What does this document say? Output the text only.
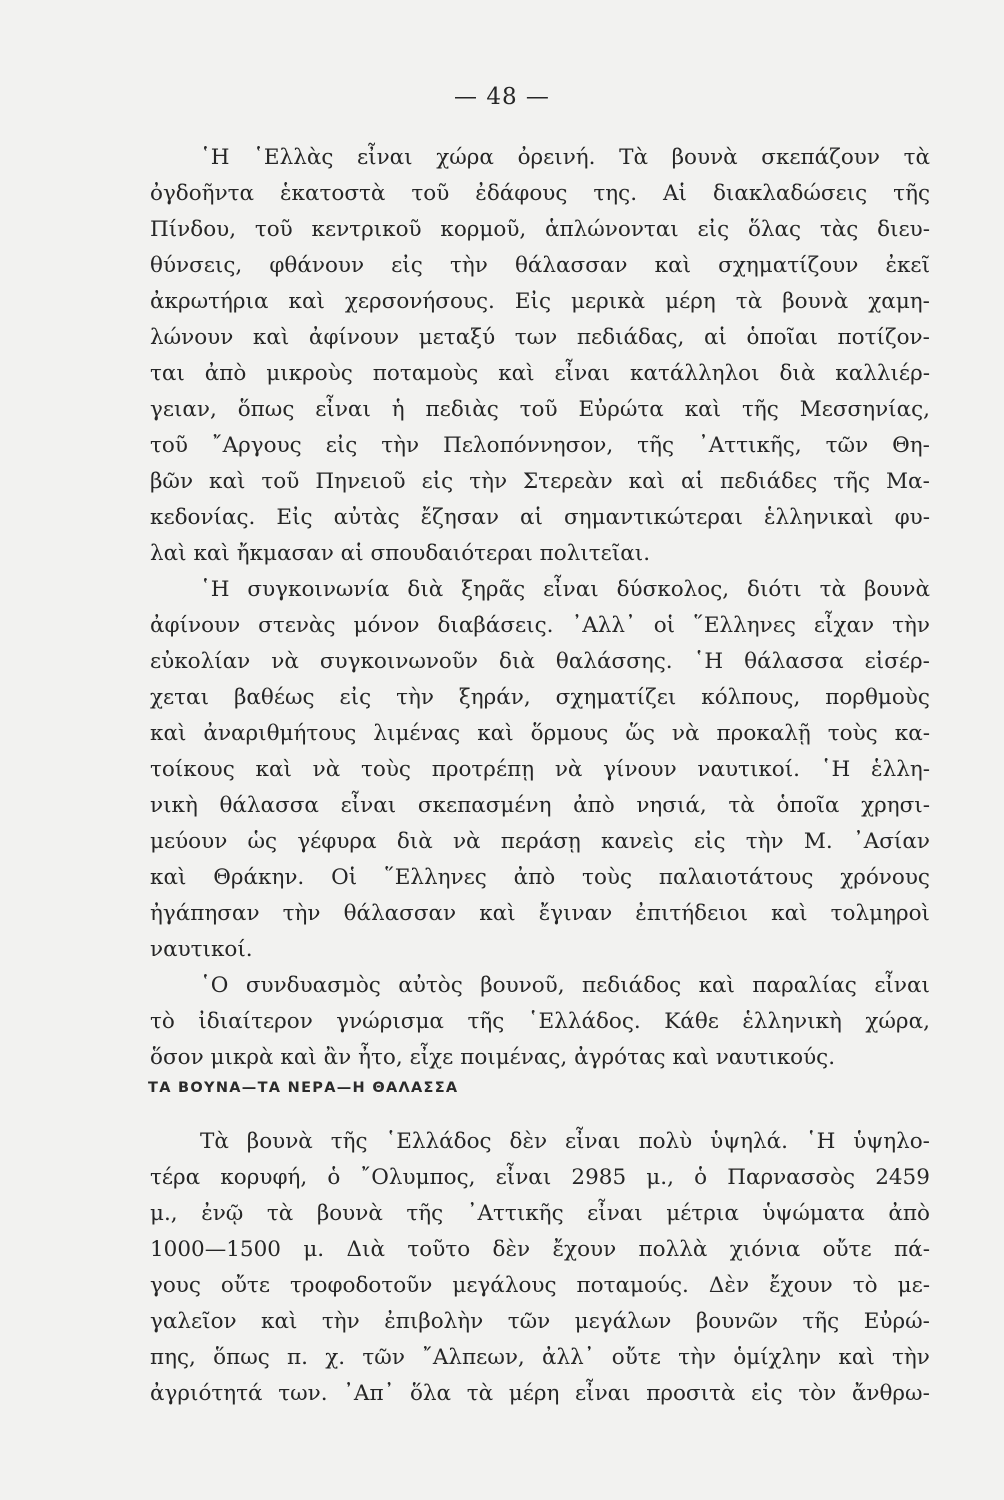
— 48 —
῾Η ῾Ελλὰς εἶναι χώρα ὀρεινή. Τὰ βουνὰ σκεπάζουν τὰ
ὀγδοῆντα ἑκατοστὰ τοῦ ἐδάφους της. Αἱ διακλαδώσεις τῆς
Πίνδου, τοῦ κεντρικοῦ κορμοῦ, ἁπλώνονται εἰς ὅλας τὰς διευ-
θύνσεις, φθάνουν εἰς τὴν θάλασσαν καὶ σχηματίζουν ἐκεῖ
ἀκρωτήρια καὶ χερσονήσους. Εἰς μερικὰ μέρη τὰ βουνὰ χαμη-
λώνουν καὶ ἀφίνουν μεταξύ των πεδιάδας, αἱ ὁποῖαι ποτίζον-
ται ἀπὸ μικροὺς ποταμοὺς καὶ εἶναι κατάλληλοι διὰ καλλιέρ-
γειαν, ὅπως εἶναι ἡ πεδιὰς τοῦ Εὐρώτα καὶ τῆς Μεσσηνίας,
τοῦ ῎Αργους εἰς τὴν Πελοπόννησον, τῆς ᾿Αττικῆς, τῶν Θη-
βῶν καὶ τοῦ Πηνειοῦ εἰς τὴν Στερεὰν καὶ αἱ πεδιάδες τῆς Μα-
κεδονίας. Εἰς αὐτὰς ἔζησαν αἱ σημαντικώτεραι ἑλληνικαὶ φυ-
λαὶ καὶ ἤκμασαν αἱ σπουδαιότεραι πολιτεῖαι.
῾Η συγκοινωνία διὰ ξηρᾶς εἶναι δύσκολος, διότι τὰ βουνὰ
ἀφίνουν στενὰς μόνον διαβάσεις. ᾿Αλλ᾿ οἱ ῞Ελληνες εἶχαν τὴν
εὐκολίαν νὰ συγκοινωνοῦν διὰ θαλάσσης. ῾Η θάλασσα εἰσέρ-
χεται βαθέως εἰς τὴν ξηράν, σχηματίζει κόλπους, πορθμοὺς
καὶ ἀναριθμήτους λιμένας καὶ ὅρμους ὥς νὰ προκαλῇ τοὺς κα-
τοίκους καὶ νὰ τοὺς προτρέπῃ νὰ γίνουν ναυτικοί. ῾Η ἑλλη-
νικὴ θάλασσα εἶναι σκεπασμένη ἀπὸ νησιά, τὰ ὁποῖα χρησι-
μεύουν ὡς γέφυρα διὰ νὰ περάσῃ κανεὶς εἰς τὴν Μ. ᾿Ασίαν
καὶ Θράκην. Οἱ ῞Ελληνες ἀπὸ τοὺς παλαιοτάτους χρόνους
ἠγάπησαν τὴν θάλασσαν καὶ ἔγιναν ἐπιτήδειοι καὶ τολμηροὶ
ναυτικοί.
῾Ο συνδυασμὸς αὐτὸς βουνοῦ, πεδιάδος καὶ παραλίας εἶναι
τὸ ἰδιαίτερον γνώρισμα τῆς ῾Ελλάδος. Κάθε ἑλληνικὴ χώρα,
ὅσον μικρὰ καὶ ἂν ἦτο, εἶχε ποιμένας, ἀγρότας καὶ ναυτικούς.
ΤΑ ΒΟΥΝΑ—ΤΑ ΝΕΡΑ—Η ΘΑΛΑΣΣΑ
Τὰ βουνὰ τῆς ῾Ελλάδος δὲν εἶναι πολὺ ὑψηλά. ῾Η ὑψηλο-
τέρα κορυφή, ὁ ῎Ολυμπος, εἶναι 2985 μ., ὁ Παρνασσὸς 2459
μ., ἐνῷ τὰ βουνὰ τῆς ᾿Αττικῆς εἶναι μέτρια ὑψώματα ἀπὸ
1000—1500 μ. Διὰ τοῦτο δὲν ἔχουν πολλὰ χιόνια οὔτε πά-
γους οὔτε τροφοδοτοῦν μεγάλους ποταμούς. Δὲν ἔχουν τὸ με-
γαλεῖον καὶ τὴν ἐπιβολὴν τῶν μεγάλων βουνῶν τῆς Εὐρώ-
πης, ὅπως π. χ. τῶν ῎Αλπεων, ἀλλ᾿ οὔτε τὴν ὁμίχλην καὶ τὴν
ἀγριότητά των. ᾿Απ᾿ ὅλα τὰ μέρη εἶναι προσιτὰ εἰς τὸν ἄνθρω-
